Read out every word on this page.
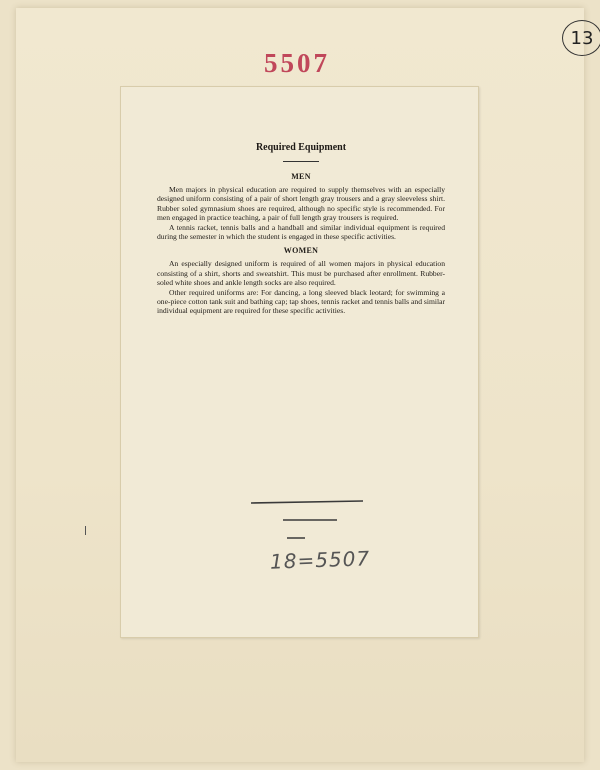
5507
13

Required Equipment

MEN

Men majors in physical education are required to supply themselves with an especially designed uniform consisting of a pair of short length gray trousers and a gray sleeveless shirt. Rubber soled gymnasium shoes are required, although no specific style is recommended. For men engaged in practice teaching, a pair of full length gray trousers is required.

A tennis racket, tennis balls and a handball and similar individual equipment is required during the semester in which the student is engaged in these specific activities.

WOMEN

An especially designed uniform is required of all women majors in physical education consisting of a shirt, shorts and sweatshirt. This must be purchased after enrollment. Rubber-soled white shoes and ankle length socks are also required.

Other required uniforms are: For dancing, a long sleeved black leotard; for swimming a one-piece cotton tank suit and bathing cap; tap shoes, tennis racket and tennis balls and similar individual equipment are required for these specific activities.

18=5507
